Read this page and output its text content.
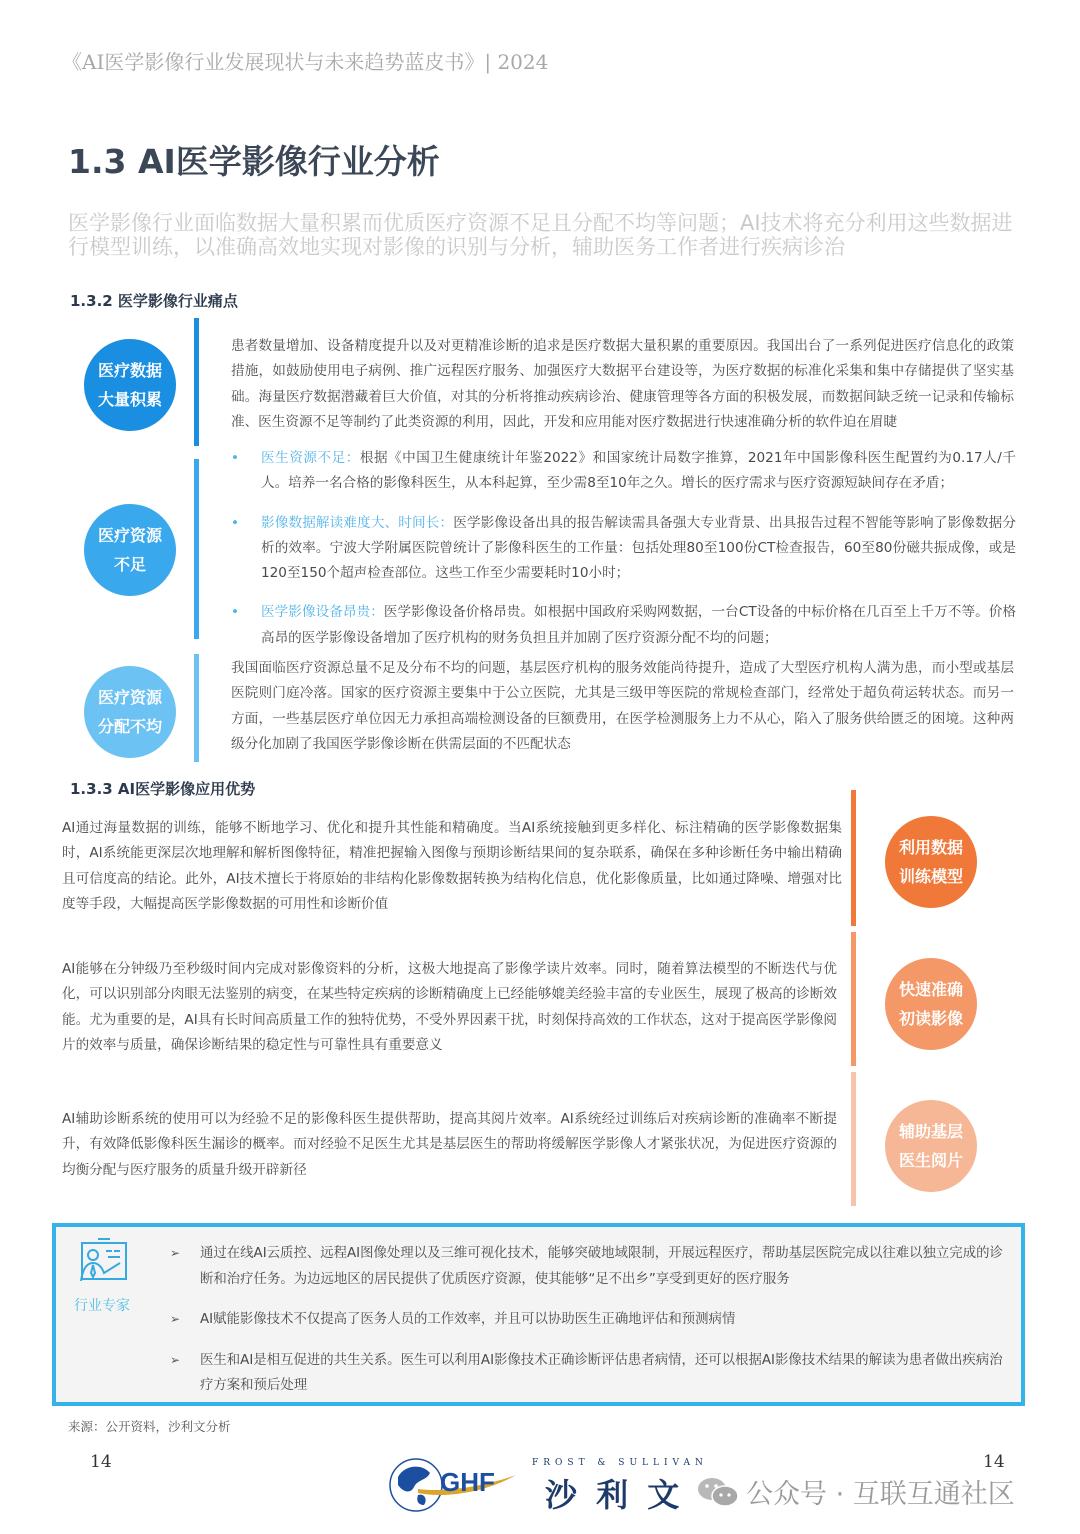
《AI医学影像行业发展现状与未来趋势蓝皮书》| 2024
1.3 AI医学影像行业分析
医学影像行业面临数据大量积累而优质医疗资源不足且分配不均等问题；AI技术将充分利用这些数据进行模型训练，以准确高效地实现对影像的识别与分析，辅助医务工作者进行疾病诊治
1.3.2 医学影像行业痛点
医疗数据
大量积累
医疗资源
不足
医疗资源
分配不均
患者数量增加、设备精度提升以及对更精准诊断的追求是医疗数据大量积累的重要原因。我国出台了一系列促进医疗信息化的政策措施，如鼓励使用电子病例、推广远程医疗服务、加强医疗大数据平台建设等，为医疗数据的标准化采集和集中存储提供了坚实基础。海量医疗数据潜藏着巨大价值，对其的分析将推动疾病诊治、健康管理等各方面的积极发展，而数据间缺乏统一记录和传输标准、医生资源不足等制约了此类资源的利用，因此，开发和应用能对医疗数据进行快速准确分析的软件迫在眉睫
• 医生资源不足：根据《中国卫生健康统计年鉴2022》和国家统计局数字推算，2021年中国影像科医生配置约为0.17人/千人。培养一名合格的影像科医生，从本科起算，至少需8至10年之久。增长的医疗需求与医疗资源短缺间存在矛盾；
• 影像数据解读难度大、时间长：医学影像设备出具的报告解读需具备强大专业背景、出具报告过程不智能等影响了影像数据分析的效率。宁波大学附属医院曾统计了影像科医生的工作量：包括处理80至100份CT检查报告，60至80份磁共振成像，或是120至150个超声检查部位。这些工作至少需要耗时10小时；
• 医学影像设备昂贵：医学影像设备价格昂贵。如根据中国政府采购网数据，一台CT设备的中标价格在几百至上千万不等。价格高昂的医学影像设备增加了医疗机构的财务负担且并加剧了医疗资源分配不均的问题；
我国面临医疗资源总量不足及分布不均的问题，基层医疗机构的服务效能尚待提升，造成了大型医疗机构人满为患，而小型或基层医院则门庭冷落。国家的医疗资源主要集中于公立医院，尤其是三级甲等医院的常规检查部门，经常处于超负荷运转状态。而另一方面，一些基层医疗单位因无力承担高端检测设备的巨额费用，在医学检测服务上力不从心，陷入了服务供给匮乏的困境。这种两级分化加剧了我国医学影像诊断在供需层面的不匹配状态
1.3.3 AI医学影像应用优势
AI通过海量数据的训练，能够不断地学习、优化和提升其性能和精确度。当AI系统接触到更多样化、标注精确的医学影像数据集时，AI系统能更深层次地理解和解析图像特征，精准把握输入图像与预期诊断结果间的复杂联系，确保在多种诊断任务中输出精确且可信度高的结论。此外，AI技术擅长于将原始的非结构化影像数据转换为结构化信息，优化影像质量，比如通过降噪、增强对比度等手段，大幅提高医学影像数据的可用性和诊断价值
AI能够在分钟级乃至秒级时间内完成对影像资料的分析，这极大地提高了影像学读片效率。同时，随着算法模型的不断迭代与优化，可以识别部分肉眼无法鉴别的病变，在某些特定疾病的诊断精确度上已经能够媲美经验丰富的专业医生，展现了极高的诊断效能。尤为重要的是，AI具有长时间高质量工作的独特优势，不受外界因素干扰，时刻保持高效的工作状态，这对于提高医学影像阅片的效率与质量，确保诊断结果的稳定性与可靠性具有重要意义
AI辅助诊断系统的使用可以为经验不足的影像科医生提供帮助，提高其阅片效率。AI系统经过训练后对疾病诊断的准确率不断提升，有效降低影像科医生漏诊的概率。而对经验不足医生尤其是基层医生的帮助将缓解医学影像人才紧张状况，为促进医疗资源的均衡分配与医疗服务的质量升级开辟新径
利用数据
训练模型
快速准确
初读影像
辅助基层
医生阅片
行业专家
➢ 通过在线AI云质控、远程AI图像处理以及三维可视化技术，能够突破地域限制，开展远程医疗，帮助基层医院完成以往难以独立完成的诊断和治疗任务。为边远地区的居民提供了优质医疗资源，使其能够“足不出乡”享受到更好的医疗服务
➢ AI赋能影像技术不仅提高了医务人员的工作效率，并且可以协助医生正确地评估和预测病情
➢ 医生和AI是相互促进的共生关系。医生可以利用AI影像技术正确诊断评估患者病情，还可以根据AI影像技术结果的解读为患者做出疾病治疗方案和预后处理
来源：公开资料，沙利文分析
14	14
GHF
FROST & SULLIVAN
沙 利 文 公众号 · 互联互通社区
